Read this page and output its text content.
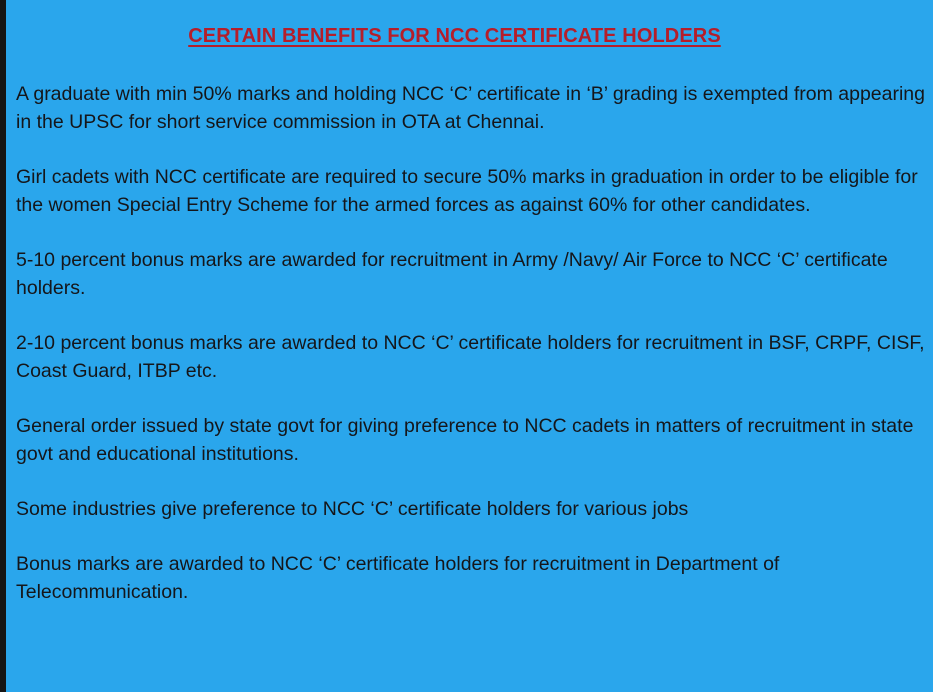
CERTAIN BENEFITS FOR NCC CERTIFICATE HOLDERS

A graduate with min 50% marks and holding NCC ‘C’ certificate in ‘B’ grading is exempted from appearing in the UPSC for short service commission in OTA at Chennai.

Girl cadets with NCC certificate are required to secure 50% marks in graduation in order to be eligible for the women Special Entry Scheme for the armed forces as against 60% for other candidates.

5-10 percent bonus marks are awarded for recruitment in Army /Navy/ Air Force to NCC ‘C’ certificate holders.

2-10 percent bonus marks are awarded to NCC ‘C’ certificate holders for recruitment in BSF, CRPF, CISF, Coast Guard, ITBP etc.

General order issued by state govt for giving preference to NCC cadets in matters of recruitment in state govt and educational institutions.

Some industries give preference to NCC ‘C’ certificate holders for various jobs

Bonus marks are awarded to NCC ‘C’ certificate holders for recruitment in Department of Telecommunication.
